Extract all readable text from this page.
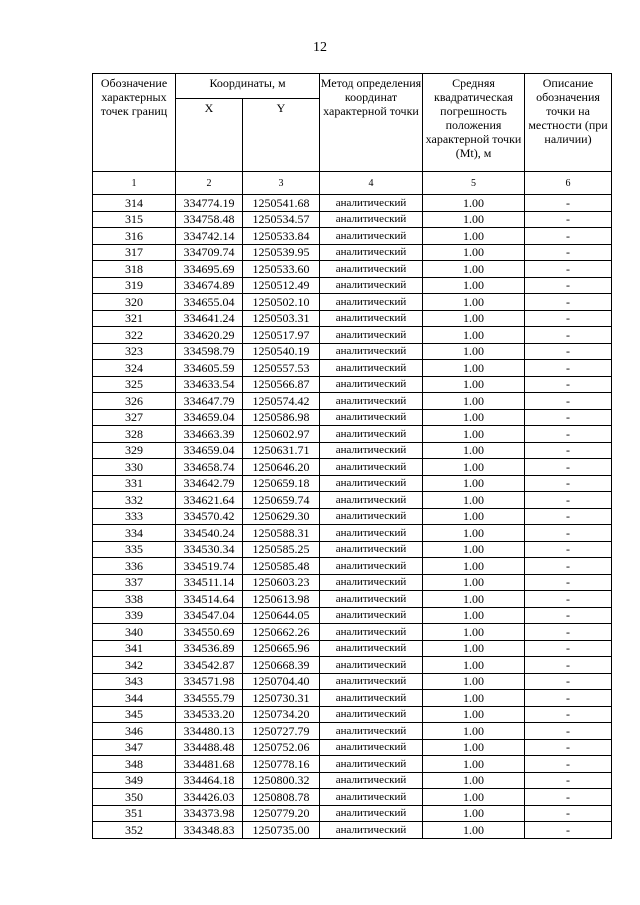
12
Обозначение характерных точек границ	Координаты, м		Метод определения координат характерной точки	Средняя квадратическая погрешность положения характерной точки (Mt), м	Описание обозначения точки на местности (при наличии)
	X	Y			
1	2	3	4	5	6
314	334774.19	1250541.68	аналитический	1.00	-
315	334758.48	1250534.57	аналитический	1.00	-
316	334742.14	1250533.84	аналитический	1.00	-
317	334709.74	1250539.95	аналитический	1.00	-
318	334695.69	1250533.60	аналитический	1.00	-
319	334674.89	1250512.49	аналитический	1.00	-
320	334655.04	1250502.10	аналитический	1.00	-
321	334641.24	1250503.31	аналитический	1.00	-
322	334620.29	1250517.97	аналитический	1.00	-
323	334598.79	1250540.19	аналитический	1.00	-
324	334605.59	1250557.53	аналитический	1.00	-
325	334633.54	1250566.87	аналитический	1.00	-
326	334647.79	1250574.42	аналитический	1.00	-
327	334659.04	1250586.98	аналитический	1.00	-
328	334663.39	1250602.97	аналитический	1.00	-
329	334659.04	1250631.71	аналитический	1.00	-
330	334658.74	1250646.20	аналитический	1.00	-
331	334642.79	1250659.18	аналитический	1.00	-
332	334621.64	1250659.74	аналитический	1.00	-
333	334570.42	1250629.30	аналитический	1.00	-
334	334540.24	1250588.31	аналитический	1.00	-
335	334530.34	1250585.25	аналитический	1.00	-
336	334519.74	1250585.48	аналитический	1.00	-
337	334511.14	1250603.23	аналитический	1.00	-
338	334514.64	1250613.98	аналитический	1.00	-
339	334547.04	1250644.05	аналитический	1.00	-
340	334550.69	1250662.26	аналитический	1.00	-
341	334536.89	1250665.96	аналитический	1.00	-
342	334542.87	1250668.39	аналитический	1.00	-
343	334571.98	1250704.40	аналитический	1.00	-
344	334555.79	1250730.31	аналитический	1.00	-
345	334533.20	1250734.20	аналитический	1.00	-
346	334480.13	1250727.79	аналитический	1.00	-
347	334488.48	1250752.06	аналитический	1.00	-
348	334481.68	1250778.16	аналитический	1.00	-
349	334464.18	1250800.32	аналитический	1.00	-
350	334426.03	1250808.78	аналитический	1.00	-
351	334373.98	1250779.20	аналитический	1.00	-
352	334348.83	1250735.00	аналитический	1.00	-
